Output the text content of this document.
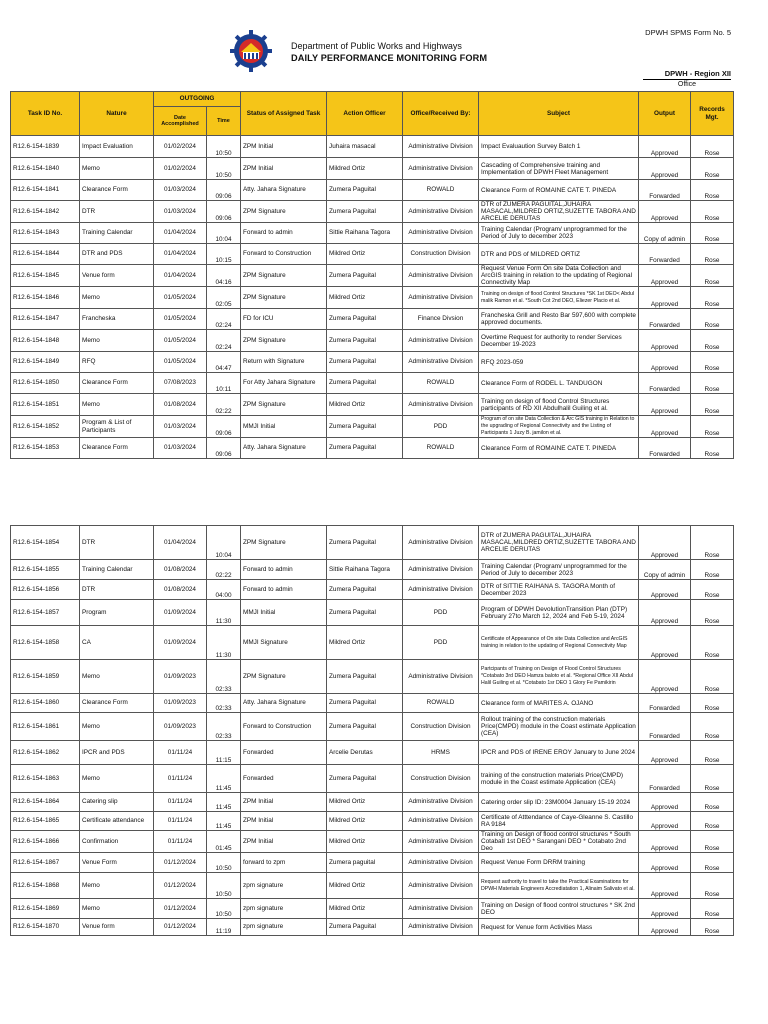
DPWH SPMS Form No. 5
Department of Public Works and Highways
DAILY PERFORMANCE MONITORING FORM
DPWH - Region XII
Office
Task ID No.	Nature	OUTGOING		Status of Assigned Task	Action Officer	Office/Received By:	Subject	Output	Records Mgt.
		Date Accomplished	Time						
R12.6-154-1839	Impact Evaluation	01/02/2024	10:50	ZPM Initial	Juhaira masacal	Administrative Division	Impact Evaluaution Survey Batch 1	Approved	Rose
R12.6-154-1840	Memo	01/02/2024	10:50	ZPM Initial	Mildred Ortiz	Administrative Division	Cascading of Comprehensive training and Implementation of DPWH Fleet Management	Approved	Rose
R12.6-154-1841	Clearance Form	01/03/2024	09:06	Atty. Jahara Signature	Zumera Paguital	ROWALD	Clearance Form of ROMAINE CATE T. PINEDA	Forwarded	Rose
R12.6-154-1842	DTR	01/03/2024	09:06	ZPM Signature	Zumera Paguital	Administrative Division	DTR of ZUMERA PAGUITAL,JUHAIRA MASACAL,MILDRED ORTIZ,SUZETTE TABORA AND ARCELIE DERUTAS	Approved	Rose
R12.6-154-1843	Training Calendar	01/04/2024	10:04	Forward to admin	Sittie Raihana Tagora	Administrative Division	Training Calendar (Program/ unprogrammed for the Period of July to december 2023	Copy of admin	Rose
R12.6-154-1844	DTR and PDS	01/04/2024	10:15	Forward to Construction	Mildred Ortiz	Construction Division	DTR and PDS of MILDRED ORTIZ	Forwarded	Rose
R12.6-154-1845	Venue form	01/04/2024	04:16	ZPM Signature	Zumera Paguital	Administrative Division	Request Venue Form On site Data Collection and ArcGIS training in relation to the updating of Regional Connectivity Map	Approved	Rose
R12.6-154-1846	Memo	01/05/2024	02:05	ZPM Signature	Mildred Ortiz	Administrative Division	Training on design of flood Control Structures *SK 1st DEO< Abdul malik Ramon et al. *South Cot 2nd DEO, Eliezer Placio et al.	Approved	Rose
R12.6-154-1847	Francheska	01/05/2024	02:24	FD for ICU	Zumera Paguital	Finance Divsion	Francheska Grill and Resto Bar 597,600 with complete approved documents.	Forwarded	Rose
R12.6-154-1848	Memo	01/05/2024	02:24	ZPM Signature	Zumera Paguital	Administrative Division	Overtime Request for authority to render Services December 19-2023	Approved	Rose
R12.6-154-1849	RFQ	01/05/2024	04:47	Return with Signature	Zumera Paguital	Administrative Division	RFQ 2023-059	Approved	Rose
R12.6-154-1850	Clearance Form	07/08/2023	10:11	For Atty Jahara Signature	Zumera Paguital	ROWALD	Clearance Form of RODEL L. TANDUGON	Forwarded	Rose
R12.6-154-1851	Memo	01/08/2024	02:22	ZPM Signature	Mildred Ortiz	Administrative Division	Training on design of flood Control Structures participants of RD XII Abdulhalil Guiling et al.	Approved	Rose
R12.6-154-1852	Program & List of Participants	01/03/2024	09:06	MMJI Initial	Zumera Paguital	PDD	Program of on site Data Collection & Arc GIS training in Relation to the upgrading of Regional Connectivity and the Listing of Participants 1 Juzy B. jamilon et al.	Approved	Rose
R12.6-154-1853	Clearance Form	01/03/2024	09:06	Atty. Jahara Signature	Zumera Paguital	ROWALD	Clearance Form of ROMAINE CATE T. PINEDA	Forwarded	Rose
R12.6-154-1854	DTR	01/04/2024	10:04	ZPM Signature	Zumera Paguital	Administrative Division	DTR of ZUMERA PAGUITAL,JUHAIRA MASACAL,MILDRED ORTIZ,SUZETTE TABORA AND ARCELIE DERUTAS	Approved	Rose
R12.6-154-1855	Training Calendar	01/08/2024	02:22	Forward to admin	Sittie Raihana Tagora	Administrative Division	Training Calendar (Program/ unprogrammed for the Period of July to december 2023	Copy of admin	Rose
R12.6-154-1856	DTR	01/08/2024	04:00	Forward to admin	Zumera Paguital	Administrative Division	DTR of SITTIE RAIHANA S. TAGORA Month of December 2023	Approved	Rose
R12.6-154-1857	Program	01/09/2024	11:30	MMJI Initial	Zumera Paguital	PDD	Program of DPWH DevolutionTransition Plan (DTP) February 27to March 12, 2024 and Feb 5-19, 2024	Approved	Rose
R12.6-154-1858	CA	01/09/2024	11:30	MMJI Signature	Mildred Ortiz	PDD	Certificate of Appearance of On site Data Collection and ArcGIS training in relation to the updating of Regional Connectivity Map	Approved	Rose
R12.6-154-1859	Memo	01/09/2023	02:33	ZPM Signature	Zumera Paguital	Administrative Division	Partcipants of Training on Design of Flood Control Structures *Cotabato 3rd DEO Hamza baloto et al. *Regional Office XII Abdul Halil Guiling et al. *Cotabato 1sr DEO 1 Glory Fe Pamikirin	Approved	Rose
R12.6-154-1860	Clearance Form	01/09/2023	02:33	Atty. Jahara Signature	Zumera Paguital	ROWALD	Clearance form of MARITES A. OJANO	Forwarded	Rose
R12.6-154-1861	Memo	01/09/2023	02:33	Forward to Construction	Zumera Paguital	Construction Division	Rollout training of the construction materials Price(CMPD) module in the Coast estimate Application (CEA)	Forwarded	Rose
R12.6-154-1862	IPCR and PDS	01/11/24	11:15	Forwarded	Arcelie Derutas	HRMS	IPCR and PDS of IRENE EROY January to June 2024	Approved	Rose
R12.6-154-1863	Memo	01/11/24	11:45	Forwarded	Zumera Paguital	Construction Division	training of the construction materials Price(CMPD) module in the Coast estimate Application (CEA)	Forwarded	Rose
R12.6-154-1864	Catering slip	01/11/24	11:45	ZPM Initial	Mildred Ortiz	Administrative Division	Catering order slip ID: 23M0004 January 15-19 2024	Approved	Rose
R12.6-154-1865	Certificate attendance	01/11/24	11:45	ZPM Initial	Mildred Ortiz	Administrative Division	Certificate of Atttendance of Caye-Gleanne S. Castillo RA 9184	Approved	Rose
R12.6-154-1866	Confirmation	01/11/24	01:45	ZPM Initial	Mildred Ortiz	Administrative Division	Training on Design of flood control structures * South Cotabatl 1st DEO * Sarangani DEO * Cotabato 2nd Deo	Approved	Rose
R12.6-154-1867	Venue Form	01/12/2024	10:50	forward to zpm	Zumera paguital	Administrative Division	Request Venue Form DRRM training	Approved	Rose
R12.6-154-1868	Memo	01/12/2024	10:50	zpm signature	Mildred Ortiz	Administrative Division	Request authority to travel to take the Practical Examinations for DPWH Materials Engineers Accrediatation 1, Alinaim Salivato et al.	Approved	Rose
R12.6-154-1869	Memo	01/12/2024	10:50	zpm signature	Mildred Ortiz	Administrative Division	Training on Design of flood control structures * SK 2nd DEO	Approved	Rose
R12.6-154-1870	Venue form	01/12/2024	11:19	zpm signature	Zumera Paguital	Administrative Division	Request for Venue form Activities Mass	Approved	Rose
